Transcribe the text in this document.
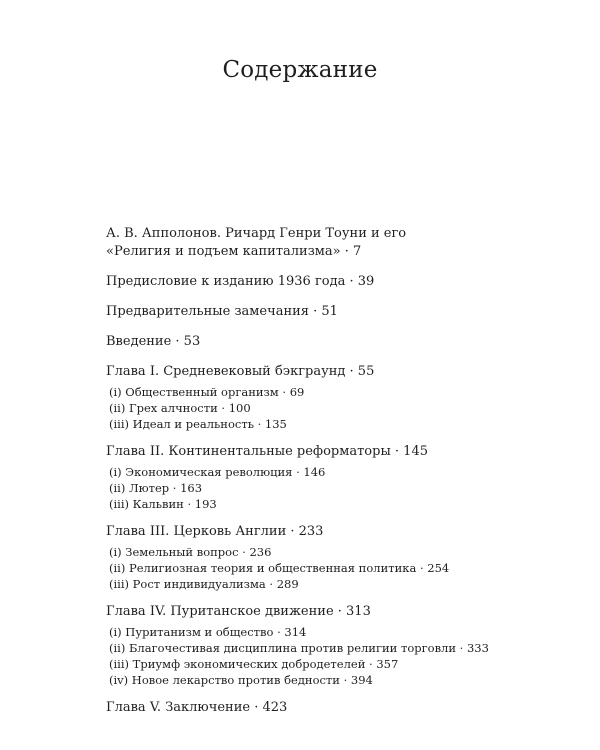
Содержание
А. В. Апполонов. Ричард Генри Тоуни и его
«Религия и подъем капитализма» · 7
Предисловие к изданию 1936 года · 39
Предварительные замечания · 51
Введение · 53
Глава I. Средневековый бэкграунд · 55
(i) Общественный организм · 69
(ii) Грех алчности · 100
(iii) Идеал и реальность · 135
Глава II. Континентальные реформаторы · 145
(i) Экономическая революция · 146
(ii) Лютер · 163
(iii) Кальвин · 193
Глава III. Церковь Англии · 233
(i) Земельный вопрос · 236
(ii) Религиозная теория и общественная политика · 254
(iii) Рост индивидуализма · 289
Глава IV. Пуританское движение · 313
(i) Пуританизм и общество · 314
(ii) Благочестивая дисциплина против религии торговли · 333
(iii) Триумф экономических добродетелей · 357
(iv) Новое лекарство против бедности · 394
Глава V. Заключение · 423
